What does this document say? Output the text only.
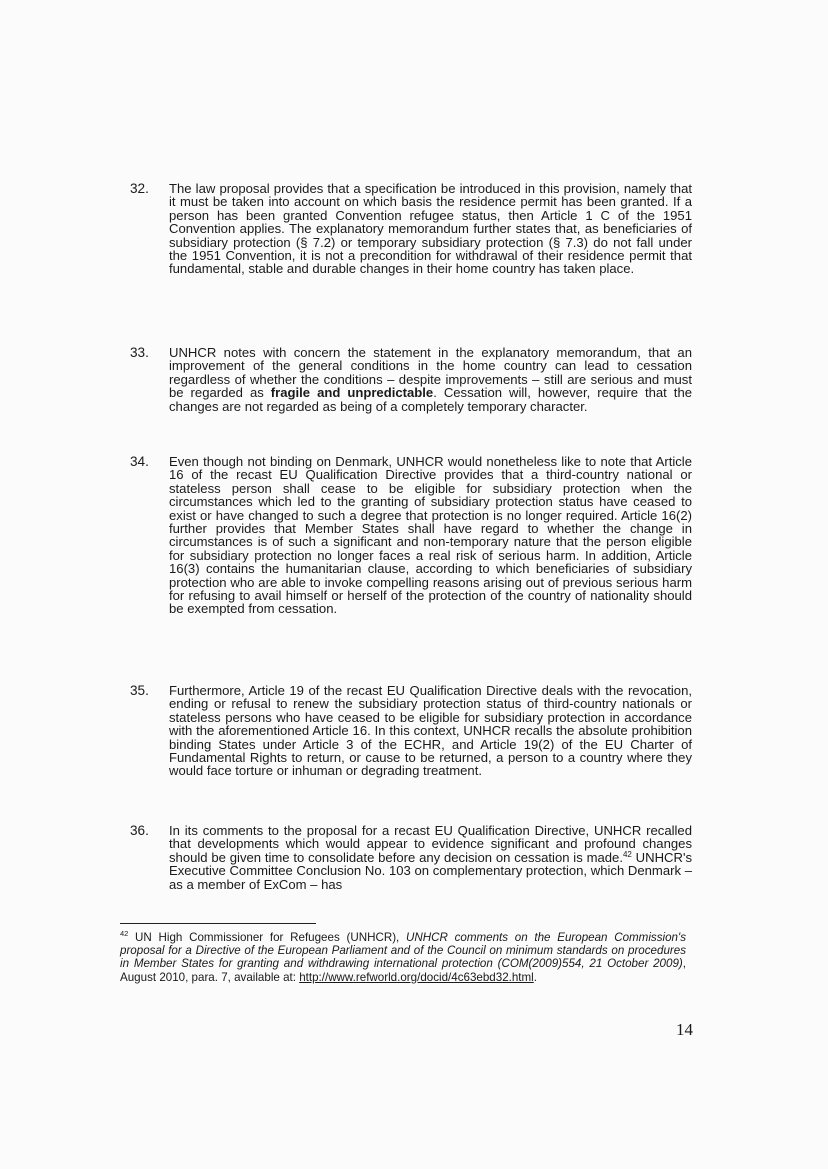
32. The law proposal provides that a specification be introduced in this provision, namely that it must be taken into account on which basis the residence permit has been granted. If a person has been granted Convention refugee status, then Article 1 C of the 1951 Convention applies. The explanatory memorandum further states that, as beneficiaries of subsidiary protection (§ 7.2) or temporary subsidiary protection (§ 7.3) do not fall under the 1951 Convention, it is not a precondition for withdrawal of their residence permit that fundamental, stable and durable changes in their home country has taken place.
33. UNHCR notes with concern the statement in the explanatory memorandum, that an improvement of the general conditions in the home country can lead to cessation regardless of whether the conditions – despite improvements – still are serious and must be regarded as fragile and unpredictable. Cessation will, however, require that the changes are not regarded as being of a completely temporary character.
34. Even though not binding on Denmark, UNHCR would nonetheless like to note that Article 16 of the recast EU Qualification Directive provides that a third-country national or stateless person shall cease to be eligible for subsidiary protection when the circumstances which led to the granting of subsidiary protection status have ceased to exist or have changed to such a degree that protection is no longer required. Article 16(2) further provides that Member States shall have regard to whether the change in circumstances is of such a significant and non-temporary nature that the person eligible for subsidiary protection no longer faces a real risk of serious harm. In addition, Article 16(3) contains the humanitarian clause, according to which beneficiaries of subsidiary protection who are able to invoke compelling reasons arising out of previous serious harm for refusing to avail himself or herself of the protection of the country of nationality should be exempted from cessation.
35. Furthermore, Article 19 of the recast EU Qualification Directive deals with the revocation, ending or refusal to renew the subsidiary protection status of third-country nationals or stateless persons who have ceased to be eligible for subsidiary protection in accordance with the aforementioned Article 16. In this context, UNHCR recalls the absolute prohibition binding States under Article 3 of the ECHR, and Article 19(2) of the EU Charter of Fundamental Rights to return, or cause to be returned, a person to a country where they would face torture or inhuman or degrading treatment.
36. In its comments to the proposal for a recast EU Qualification Directive, UNHCR recalled that developments which would appear to evidence significant and profound changes should be given time to consolidate before any decision on cessation is made.$^{42}$ UNHCR's Executive Committee Conclusion No. 103 on complementary protection, which Denmark – as a member of ExCom – has
$^{42}$ UN High Commissioner for Refugees (UNHCR), UNHCR comments on the European Commission's proposal for a Directive of the European Parliament and of the Council on minimum standards on procedures in Member States for granting and withdrawing international protection (COM(2009)554, 21 October 2009), August 2010, para. 7, available at: http://www.refworld.org/docid/4c63ebd32.html.
14
